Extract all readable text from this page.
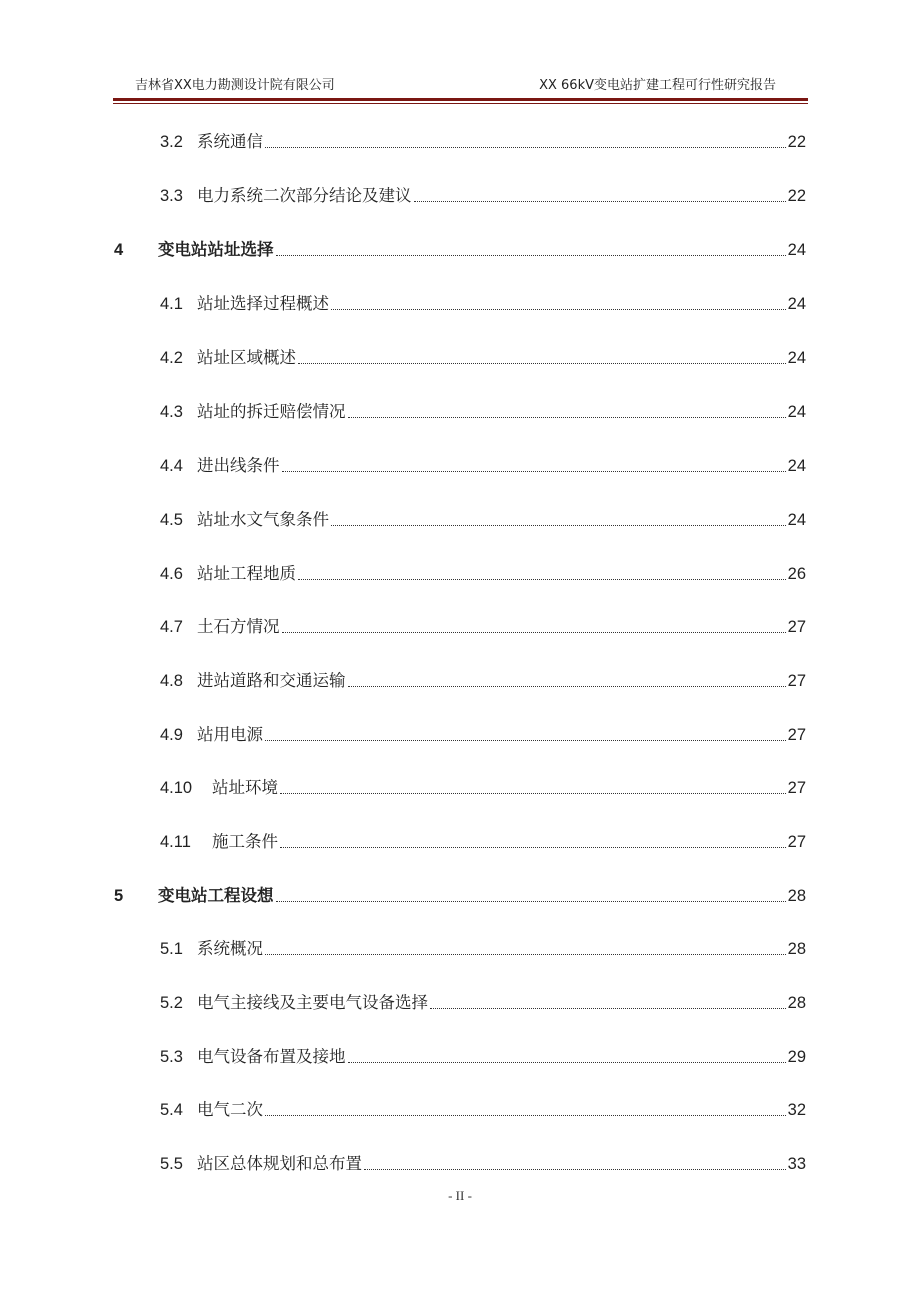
吉林省XX电力勘测设计院有限公司	XX 66kV变电站扩建工程可行性研究报告
3.2 系统通信	22
3.3 电力系统二次部分结论及建议	22
4	变电站站址选择	24
4.1 站址选择过程概述	24
4.2 站址区域概述	24
4.3 站址的拆迁赔偿情况	24
4.4 进出线条件	24
4.5 站址水文气象条件	24
4.6 站址工程地质	26
4.7 土石方情况	27
4.8 进站道路和交通运输	27
4.9 站用电源	27
4.10	站址环境	27
4.11	施工条件	27
5	变电站工程设想	28
5.1 系统概况	28
5.2 电气主接线及主要电气设备选择	28
5.3 电气设备布置及接地	29
5.4 电气二次	32
5.5 站区总体规划和总布置	33
- II -
